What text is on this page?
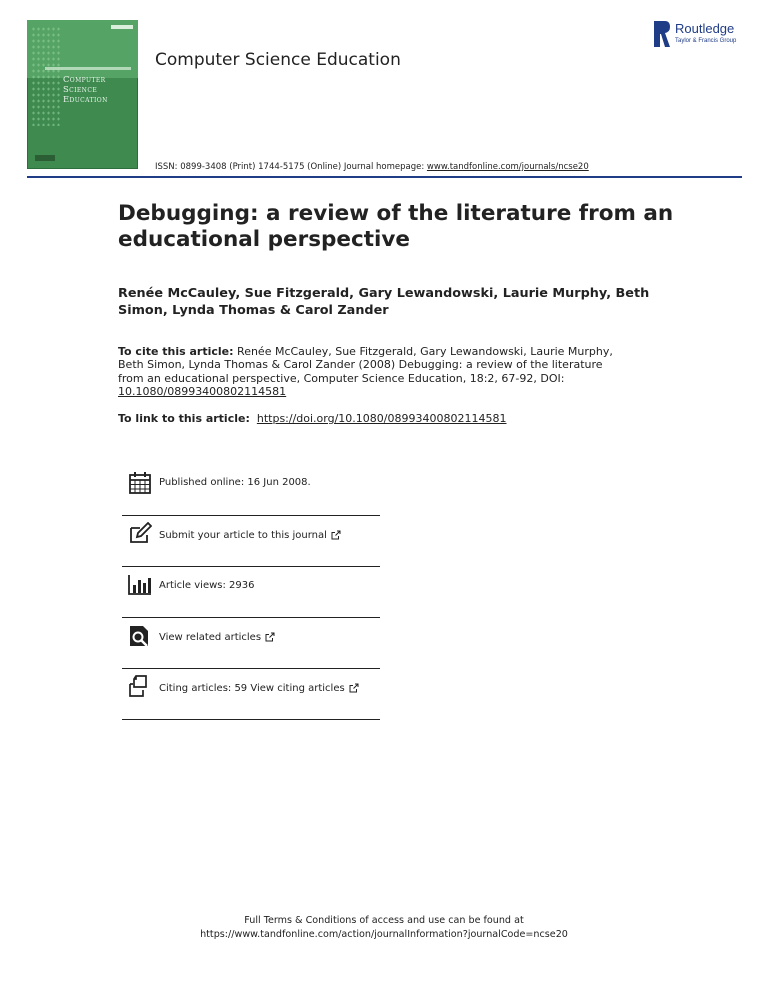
Computer Science Education
Computer Science Education
ISSN: 0899-3408 (Print) 1744-5175 (Online) Journal homepage: www.tandfonline.com/journals/ncse20
Routledge
Taylor & Francis Group
Debugging: a review of the literature from an educational perspective
Renée McCauley, Sue Fitzgerald, Gary Lewandowski, Laurie Murphy, Beth Simon, Lynda Thomas & Carol Zander
To cite this article: Renée McCauley, Sue Fitzgerald, Gary Lewandowski, Laurie Murphy, Beth Simon, Lynda Thomas & Carol Zander (2008) Debugging: a review of the literature from an educational perspective, Computer Science Education, 18:2, 67-92, DOI: 10.1080/08993400802114581
To link to this article: https://doi.org/10.1080/08993400802114581
Published online: 16 Jun 2008.
Submit your article to this journal
Article views: 2936
View related articles
Citing articles: 59 View citing articles
Full Terms & Conditions of access and use can be found at
https://www.tandfonline.com/action/journalInformation?journalCode=ncse20
